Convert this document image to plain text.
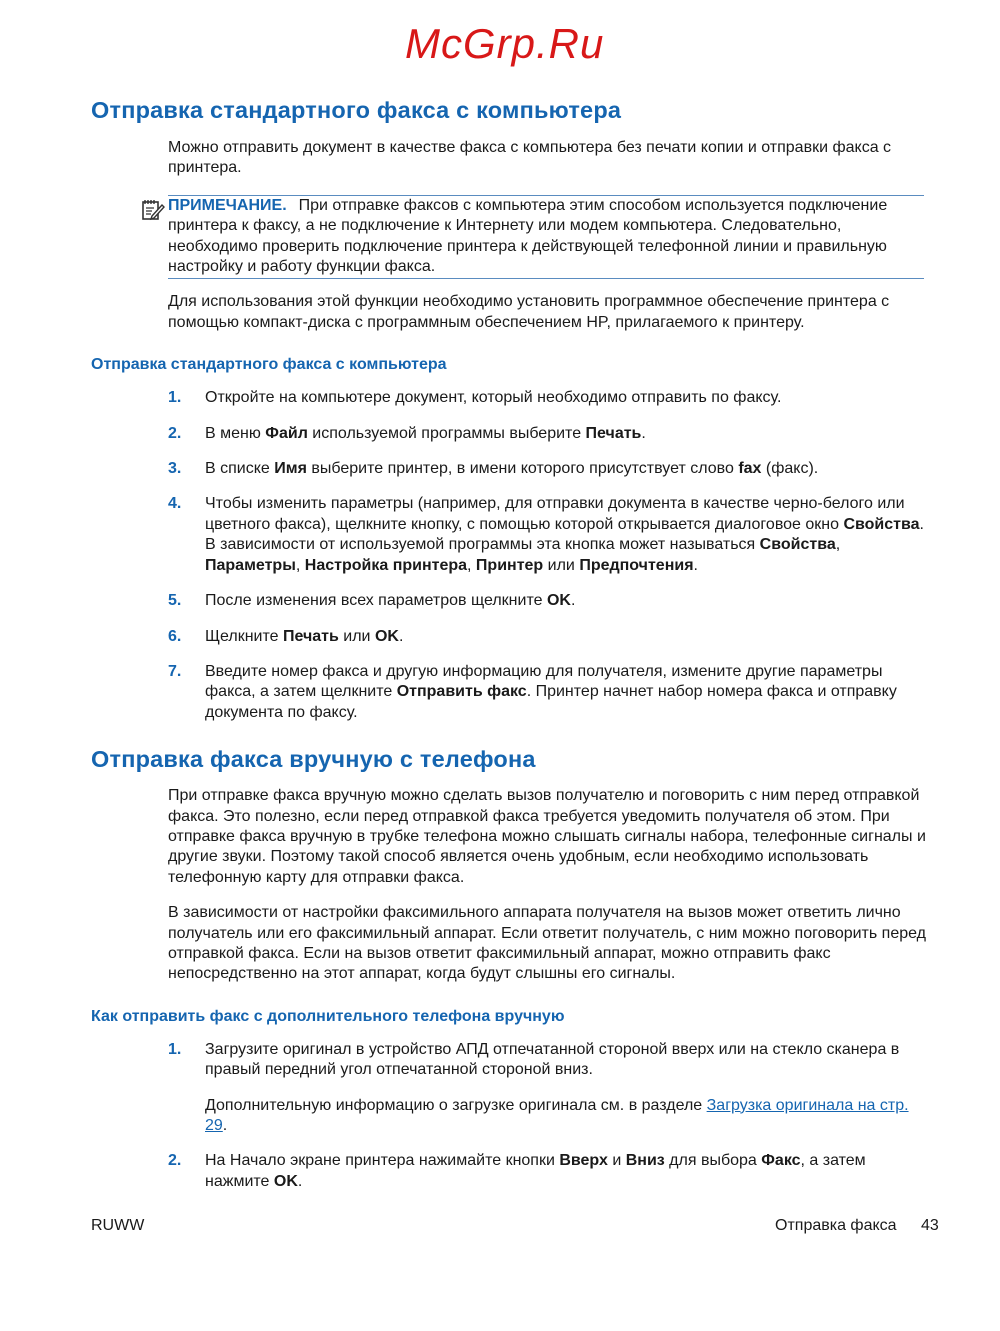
McGrp.Ru
Отправка стандартного факса с компьютера
Можно отправить документ в качестве факса с компьютера без печати копии и отправки факса с принтера.
ПРИМЕЧАНИЕ. При отправке факсов с компьютера этим способом используется подключение принтера к факсу, а не подключение к Интернету или модем компьютера. Следовательно, необходимо проверить подключение принтера к действующей телефонной линии и правильную настройку и работу функции факса.
Для использования этой функции необходимо установить программное обеспечение принтера с помощью компакт-диска с программным обеспечением HP, прилагаемого к принтеру.
Отправка стандартного факса с компьютера
1. Откройте на компьютере документ, который необходимо отправить по факсу.
2. В меню Файл используемой программы выберите Печать.
3. В списке Имя выберите принтер, в имени которого присутствует слово fax (факс).
4. Чтобы изменить параметры (например, для отправки документа в качестве черно-белого или цветного факса), щелкните кнопку, с помощью которой открывается диалоговое окно Свойства. В зависимости от используемой программы эта кнопка может называться Свойства, Параметры, Настройка принтера, Принтер или Предпочтения.
5. После изменения всех параметров щелкните OK.
6. Щелкните Печать или OK.
7. Введите номер факса и другую информацию для получателя, измените другие параметры факса, а затем щелкните Отправить факс. Принтер начнет набор номера факса и отправку документа по факсу.
Отправка факса вручную с телефона
При отправке факса вручную можно сделать вызов получателю и поговорить с ним перед отправкой факса. Это полезно, если перед отправкой факса требуется уведомить получателя об этом. При отправке факса вручную в трубке телефона можно слышать сигналы набора, телефонные сигналы и другие звуки. Поэтому такой способ является очень удобным, если необходимо использовать телефонную карту для отправки факса.
В зависимости от настройки факсимильного аппарата получателя на вызов может ответить лично получатель или его факсимильный аппарат. Если ответит получатель, с ним можно поговорить перед отправкой факса. Если на вызов ответит факсимильный аппарат, можно отправить факс непосредственно на этот аппарат, когда будут слышны его сигналы.
Как отправить факс с дополнительного телефона вручную
1. Загрузите оригинал в устройство АПД отпечатанной стороной вверх или на стекло сканера в правый передний угол отпечатанной стороной вниз.
Дополнительную информацию о загрузке оригинала см. в разделе Загрузка оригинала на стр. 29.
2. На Начало экране принтера нажимайте кнопки Вверх и Вниз для выбора Факс, а затем нажмите OK.
RUWW	Отправка факса 43
